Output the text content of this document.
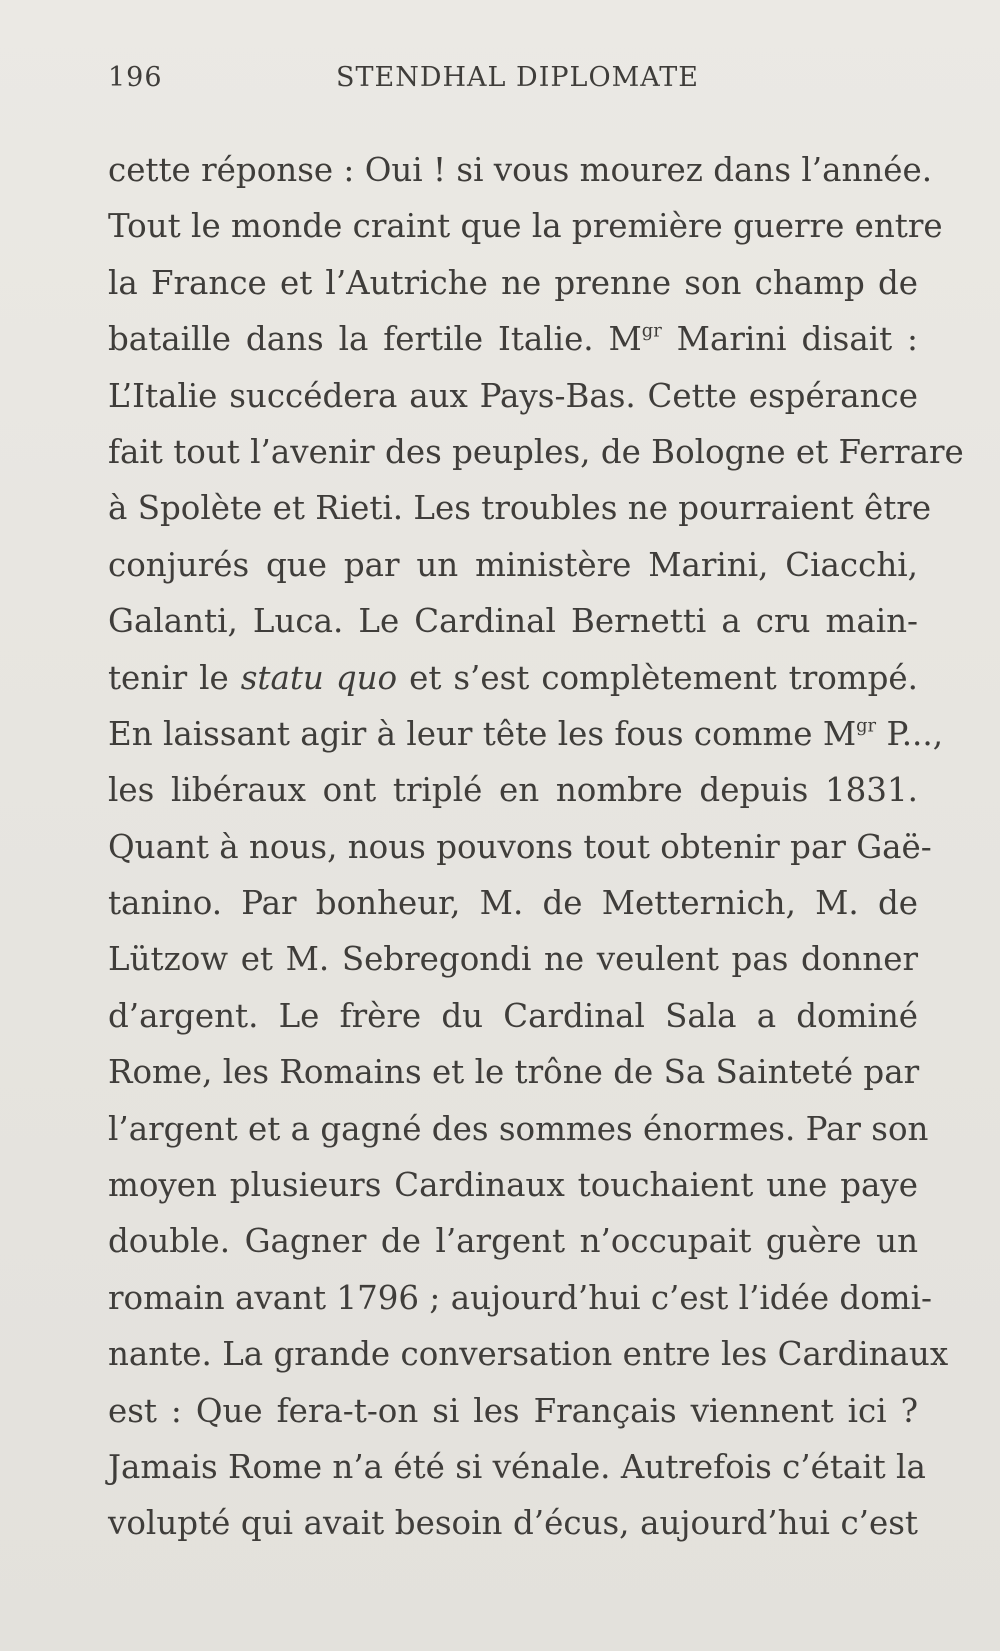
196	STENDHAL DIPLOMATE
cette réponse : Oui ! si vous mourez dans l’année.
Tout le monde craint que la première guerre entre
la France et l’Autriche ne prenne son champ de
bataille dans la fertile Italie. $M^{gr}$ Marini disait :
L’Italie succédera aux Pays-Bas. Cette espérance
fait tout l’avenir des peuples, de Bologne et Ferrare
à Spolète et Rieti. Les troubles ne pourraient être
conjurés que par un ministère Marini, Ciacchi,
Galanti, Luca. Le Cardinal Bernetti a cru main-
tenir le statu quo et s’est complètement trompé.
En laissant agir à leur tête les fous comme $M^{gr}$ P...,
les libéraux ont triplé en nombre depuis 1831.
Quant à nous, nous pouvons tout obtenir par Gaë-
tanino. Par bonheur, M. de Metternich, M. de
Lützow et M. Sebregondi ne veulent pas donner
d’argent. Le frère du Cardinal Sala a dominé
Rome, les Romains et le trône de Sa Sainteté par
l’argent et a gagné des sommes énormes. Par son
moyen plusieurs Cardinaux touchaient une paye
double. Gagner de l’argent n’occupait guère un
romain avant 1796 ; aujourd’hui c’est l’idée domi-
nante. La grande conversation entre les Cardinaux
est : Que fera-t-on si les Français viennent ici ?
Jamais Rome n’a été si vénale. Autrefois c’était la
volupté qui avait besoin d’écus, aujourd’hui c’est
